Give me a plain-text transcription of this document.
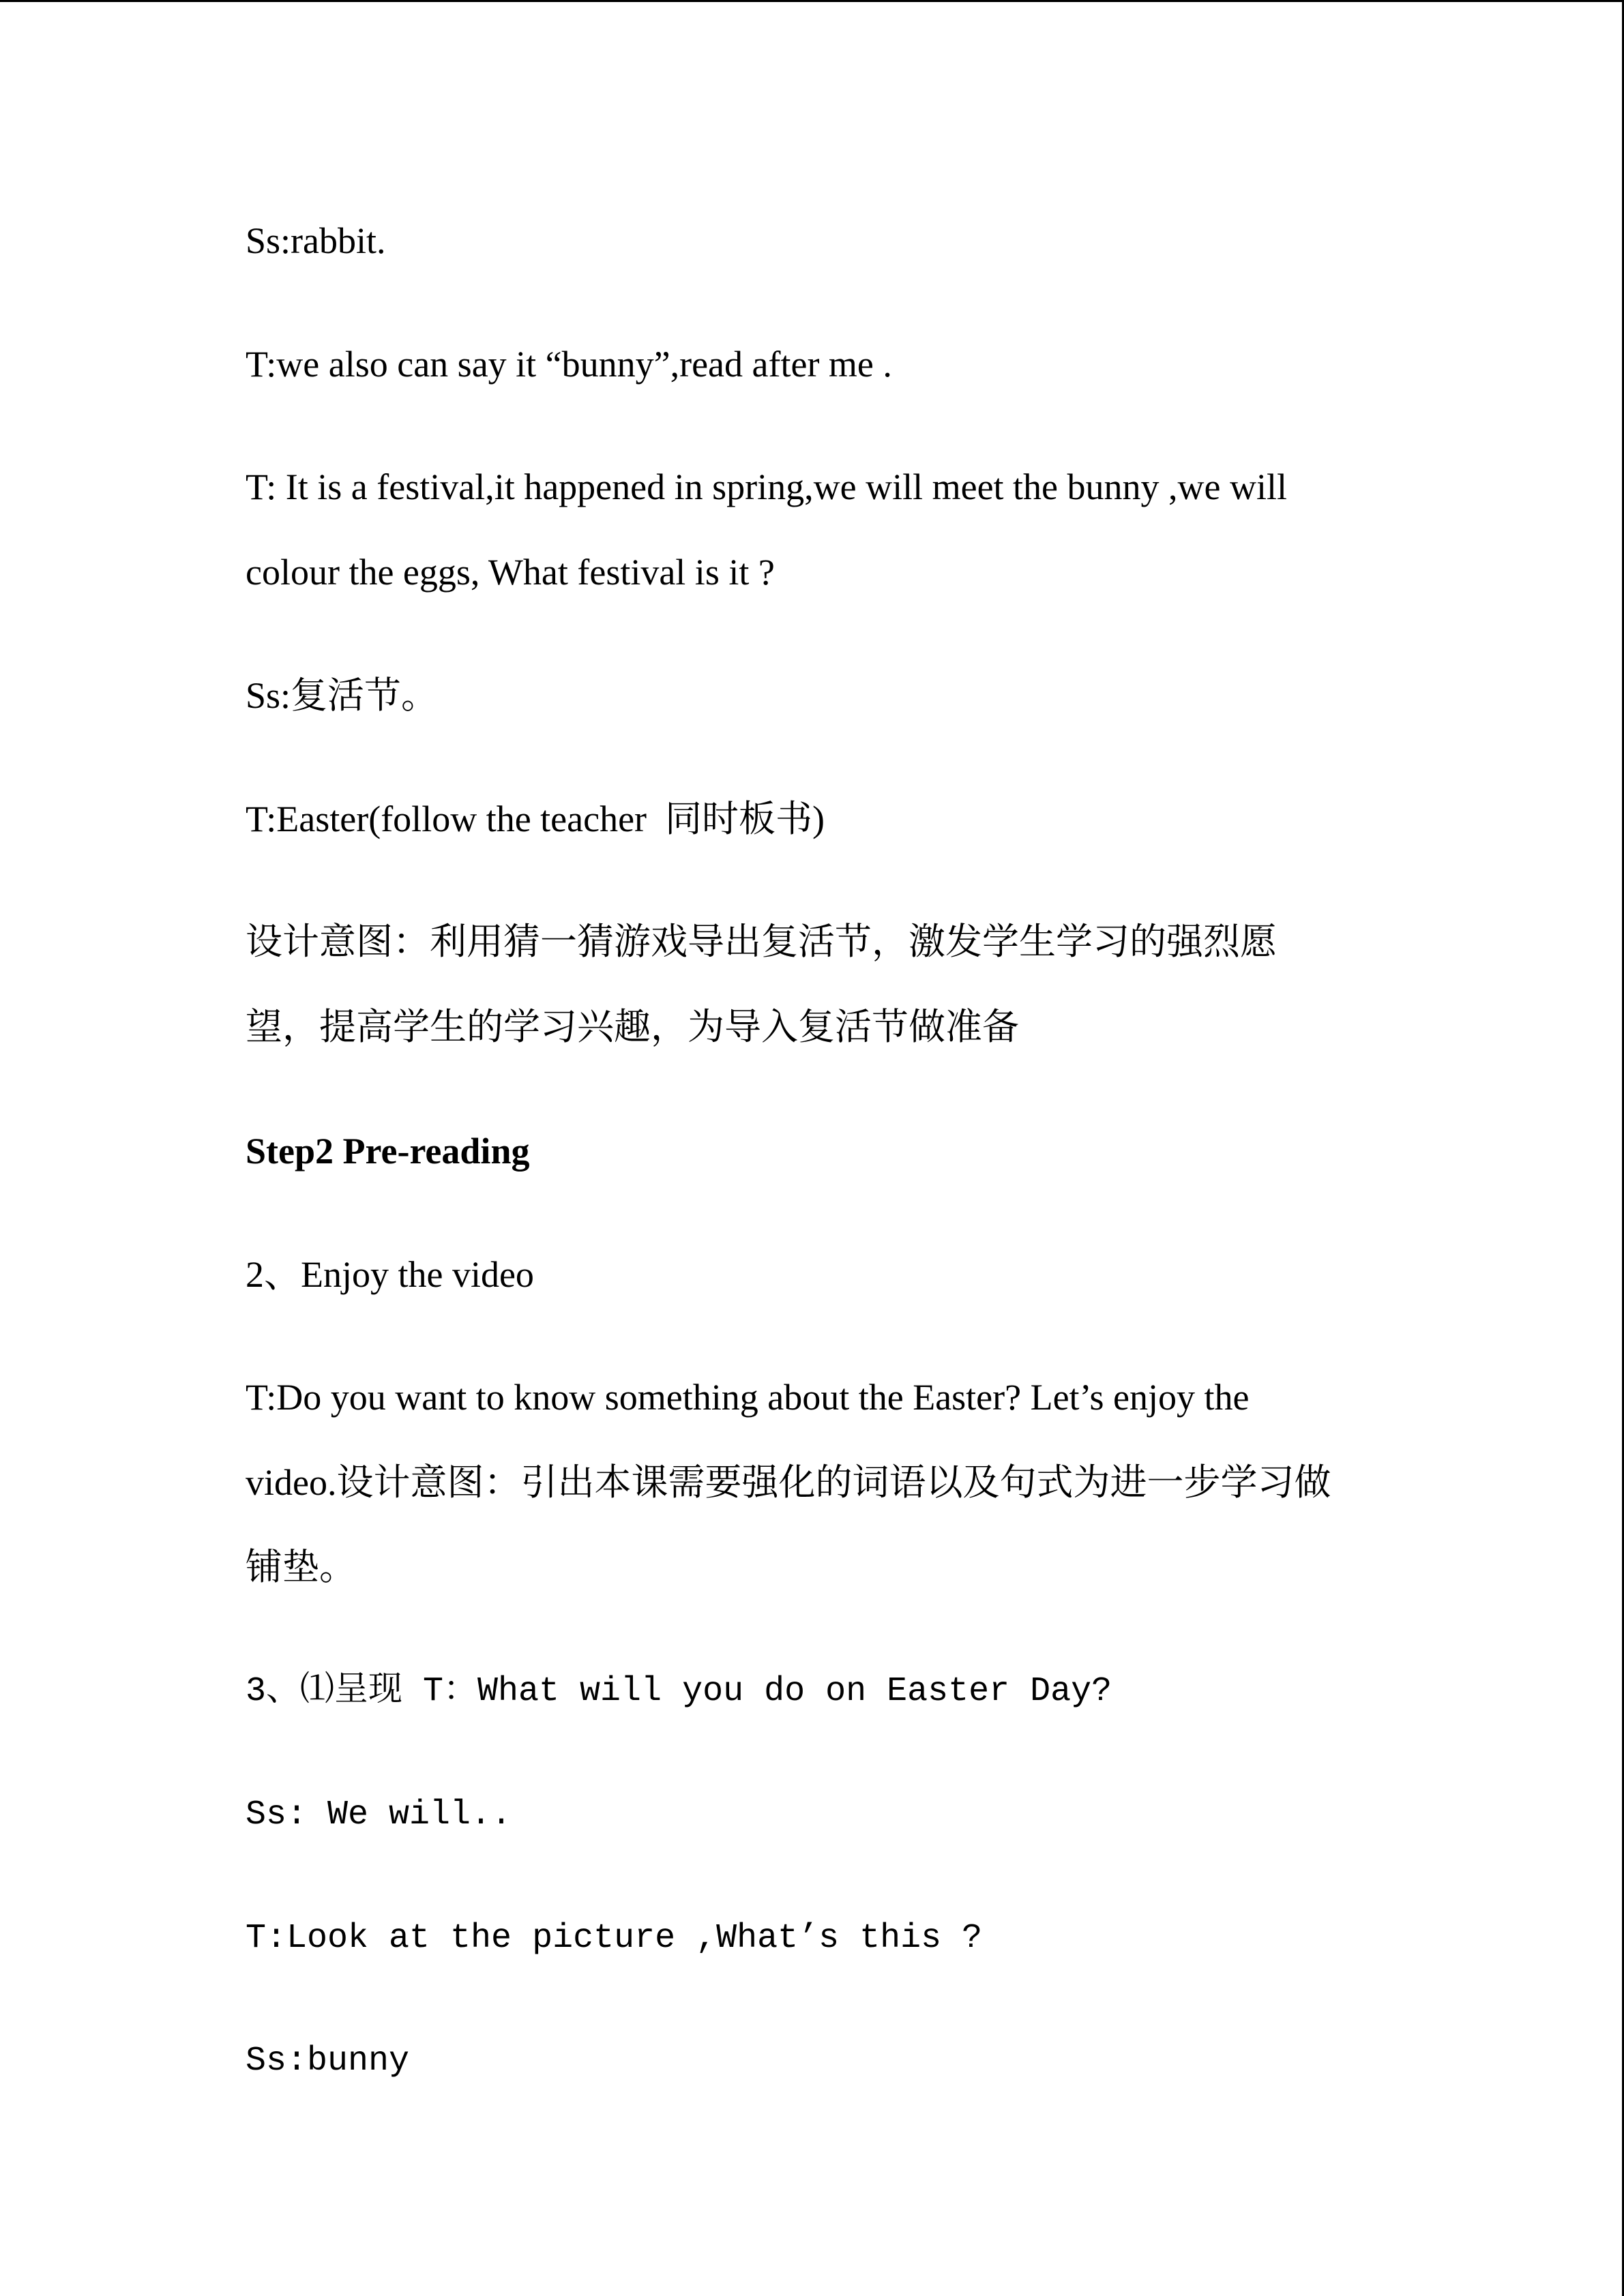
Ss:rabbit.
T:we also can say it “bunny”,read after me .
T: It is a festival,it happened in spring,we will meet the bunny ,we will
colour the eggs, What festival is it ?
Ss:复活节。
T:Easter(follow the teacher  同时板书)
设计意图：利用猜一猜游戏导出复活节，激发学生学习的强烈愿
望，提高学生的学习兴趣，为导入复活节做准备
Step2 Pre-reading
2、Enjoy the video
T:Do you want to know something about the Easter? Let’s enjoy the
video.设计意图：引出本课需要强化的词语以及句式为进一步学习做
铺垫。
3、⑴呈现 T：What will you do on Easter Day?
Ss: We will..
T:Look at the picture ,What’s this ?
Ss:bunny
